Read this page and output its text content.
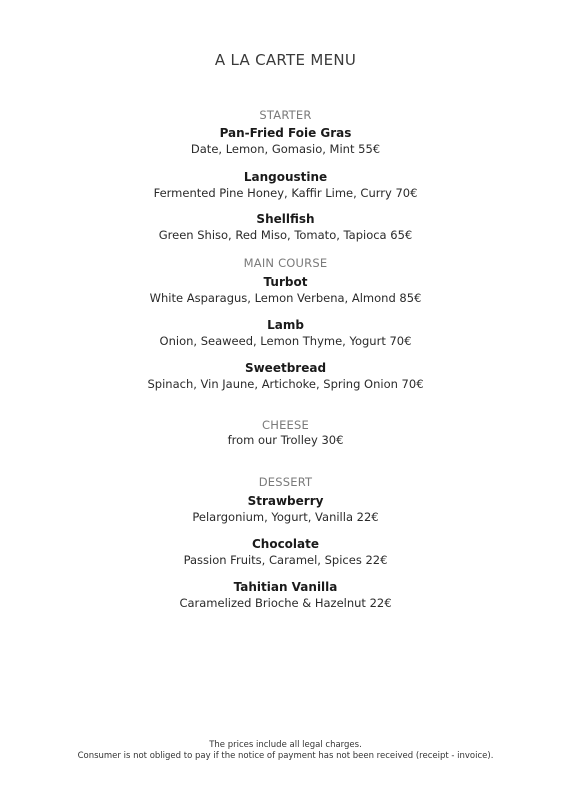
A LA CARTE MENU
STARTER
Pan-Fried Foie Gras
Date, Lemon, Gomasio, Mint 55€
Langoustine
Fermented Pine Honey, Kaffir Lime, Curry 70€
Shellfish
Green Shiso, Red Miso, Tomato, Tapioca 65€
MAIN COURSE
Turbot
White Asparagus, Lemon Verbena, Almond 85€
Lamb
Onion, Seaweed, Lemon Thyme, Yogurt 70€
Sweetbread
Spinach, Vin Jaune, Artichoke, Spring Onion 70€
CHEESE
from our Trolley 30€
DESSERT
Strawberry
Pelargonium, Yogurt, Vanilla 22€
Chocolate
Passion Fruits, Caramel, Spices 22€
Tahitian Vanilla
Caramelized Brioche & Hazelnut 22€
The prices include all legal charges.
Consumer is not obliged to pay if the notice of payment has not been received (receipt - invoice).
